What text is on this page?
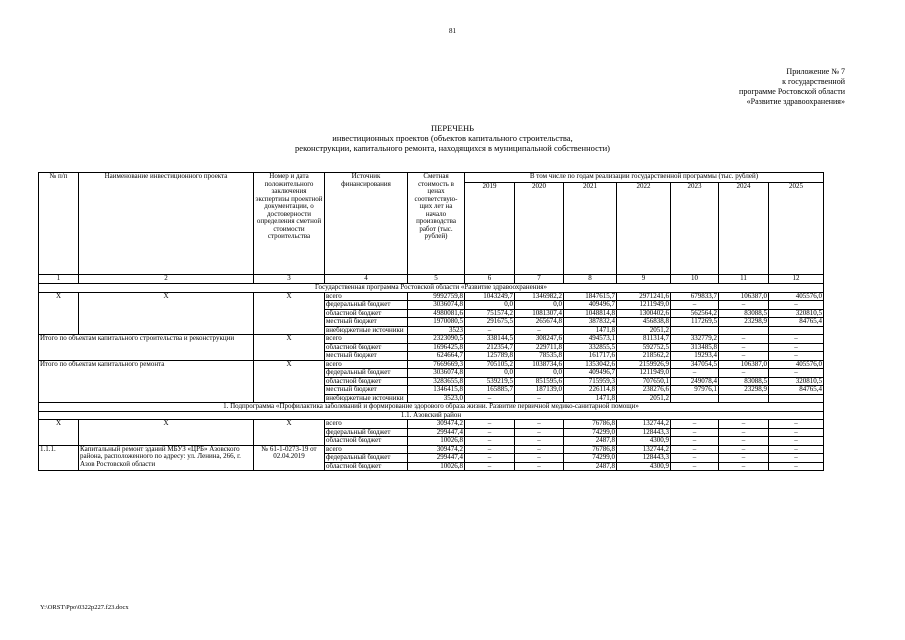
81
Приложение № 7
к государственной
программе Ростовской области
«Развитие здравоохранения»
ПЕРЕЧЕНЬ
инвестиционных проектов (объектов капитального строительства,
реконструкции, капитального ремонта, находящихся в муниципальной собственности)
№ п/п	Наименование инвестиционного проекта	Номер и дата положительного заключения экспертизы проектной документации, о достоверности определения сметной стоимости строительства	Источник финансирования	Сметная стоимость в ценах соответствую-щих лет на начало производства работ (тыс. рублей)	В том числе по годам реализации государственной программы (тыс. рублей)						
					2019	2020	2021	2022	2023	2024	2025
1	2	3	4	5	6	7	8	9	10	11	12
Государственная программа Ростовской области «Развитие здравоохранения»											
Х	Х	Х	всего	9992759,8	1043249,7	1346982,2	1847615,7	2971241,6	679833,7	106387,0	405576,0
			федеральный бюджет	3036074,8	0,0	0,0	409496,7	1211949,0	–	–	–
			областной бюджет	4980081,6	751574,2	1081307,4	1048814,8	1300402,6	562564,2	83088,5	320810,5
			местный бюджет	1970080,5	291675,5	265674,8	387832,4	456838,8	117269,5	23298,9	84765,4
			внебюджетные источники	3523	–	–	1471,8	2051,2			
Итого по объектам капитального строительства и реконструкции		Х	всего	2323090,5	338144,5	308247,6	494573,1	811314,7	332779,2	–	–
			областной бюджет	1696425,8	212354,7	229711,8	332855,5	592752,5	313485,8	–	–
			местный бюджет	624664,7	125789,8	78535,8	161717,6	218562,2	19293,4	–	–
Итого по объектам капитального ремонта		Х	всего	7669669,3	705105,2	1038734,6	1353042,6	2159926,9	347054,5	106387,0	405576,0
			федеральный бюджет	3036074,8	0,0	0,0	409496,7	1211949,0	–	–	–
			областной бюджет	3283655,8	539219,5	851595,6	715959,3	707650,1	249078,4	83088,5	320810,5
			местный бюджет	1346415,8	165885,7	187139,0	226114,8	238276,6	97976,1	23298,9	84765,4
			внебюджетные источники	3523,0	–	–	1471,8	2051,2			
1. Подпрограмма «Профилактика заболеваний и формирование здорового образа жизни. Развитие первичной медико-санитарной помощи»											
1.1. Азовский район											
Х	Х	Х	всего	309474,2	–	–	76786,8	132744,2	–	–	–
			федеральный бюджет	299447,4	–	–	74299,0	128443,3	–	–	–
			областной бюджет	10026,8	–	–	2487,8	4300,9	–	–	–
1.1.1.	Капитальный ремонт зданий МБУЗ «ЦРБ» Азовского района, расположенного по адресу: ул. Ленина, 266, г. Азов Ростовской области	№ 61-1-0273-19 от 02.04.2019	всего	309474,2	–	–	76786,8	132744,2	–	–	–
			федеральный бюджет	299447,4	–	–	74299,0	128443,3	–	–	–
			областной бюджет	10026,8	–	–	2487,8	4300,9	–	–	–
Y:\ORST\Ppo\0322p227.f23.docx
